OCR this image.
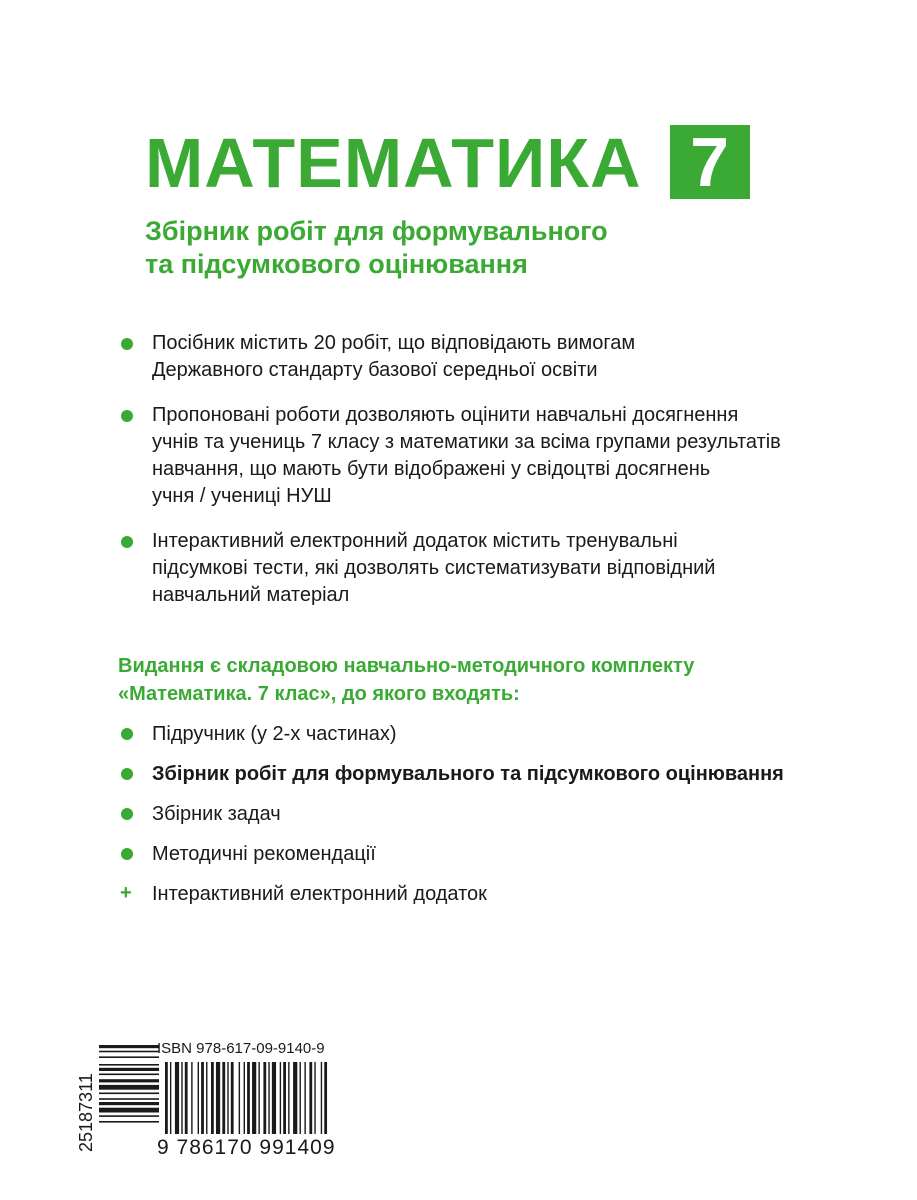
МАТЕМАТИКА 7
Збірник робіт для формувального
та підсумкового оцінювання
Посібник містить 20 робіт, що відповідають вимогам
Державного стандарту базової середньої освіти
Пропоновані роботи дозволяють оцінити навчальні досягнення
учнів та учениць 7 класу з математики за всіма групами результатів
навчання, що мають бути відображені у свідоцтві досягнень
учня / учениці НУШ
Інтерактивний електронний додаток містить тренувальні
підсумкові тести, які дозволять систематизувати відповідний
навчальний матеріал
Видання є складовою навчально-методичного комплекту
«Математика. 7 клас», до якого входять:
Підручник (у 2-х частинах)
Збірник робіт для формувального та підсумкового оцінювання
Збірник задач
Методичні рекомендації
+ Інтерактивний електронний додаток
25187311
ISBN 978-617-09-9140-9
9 786170 991409
